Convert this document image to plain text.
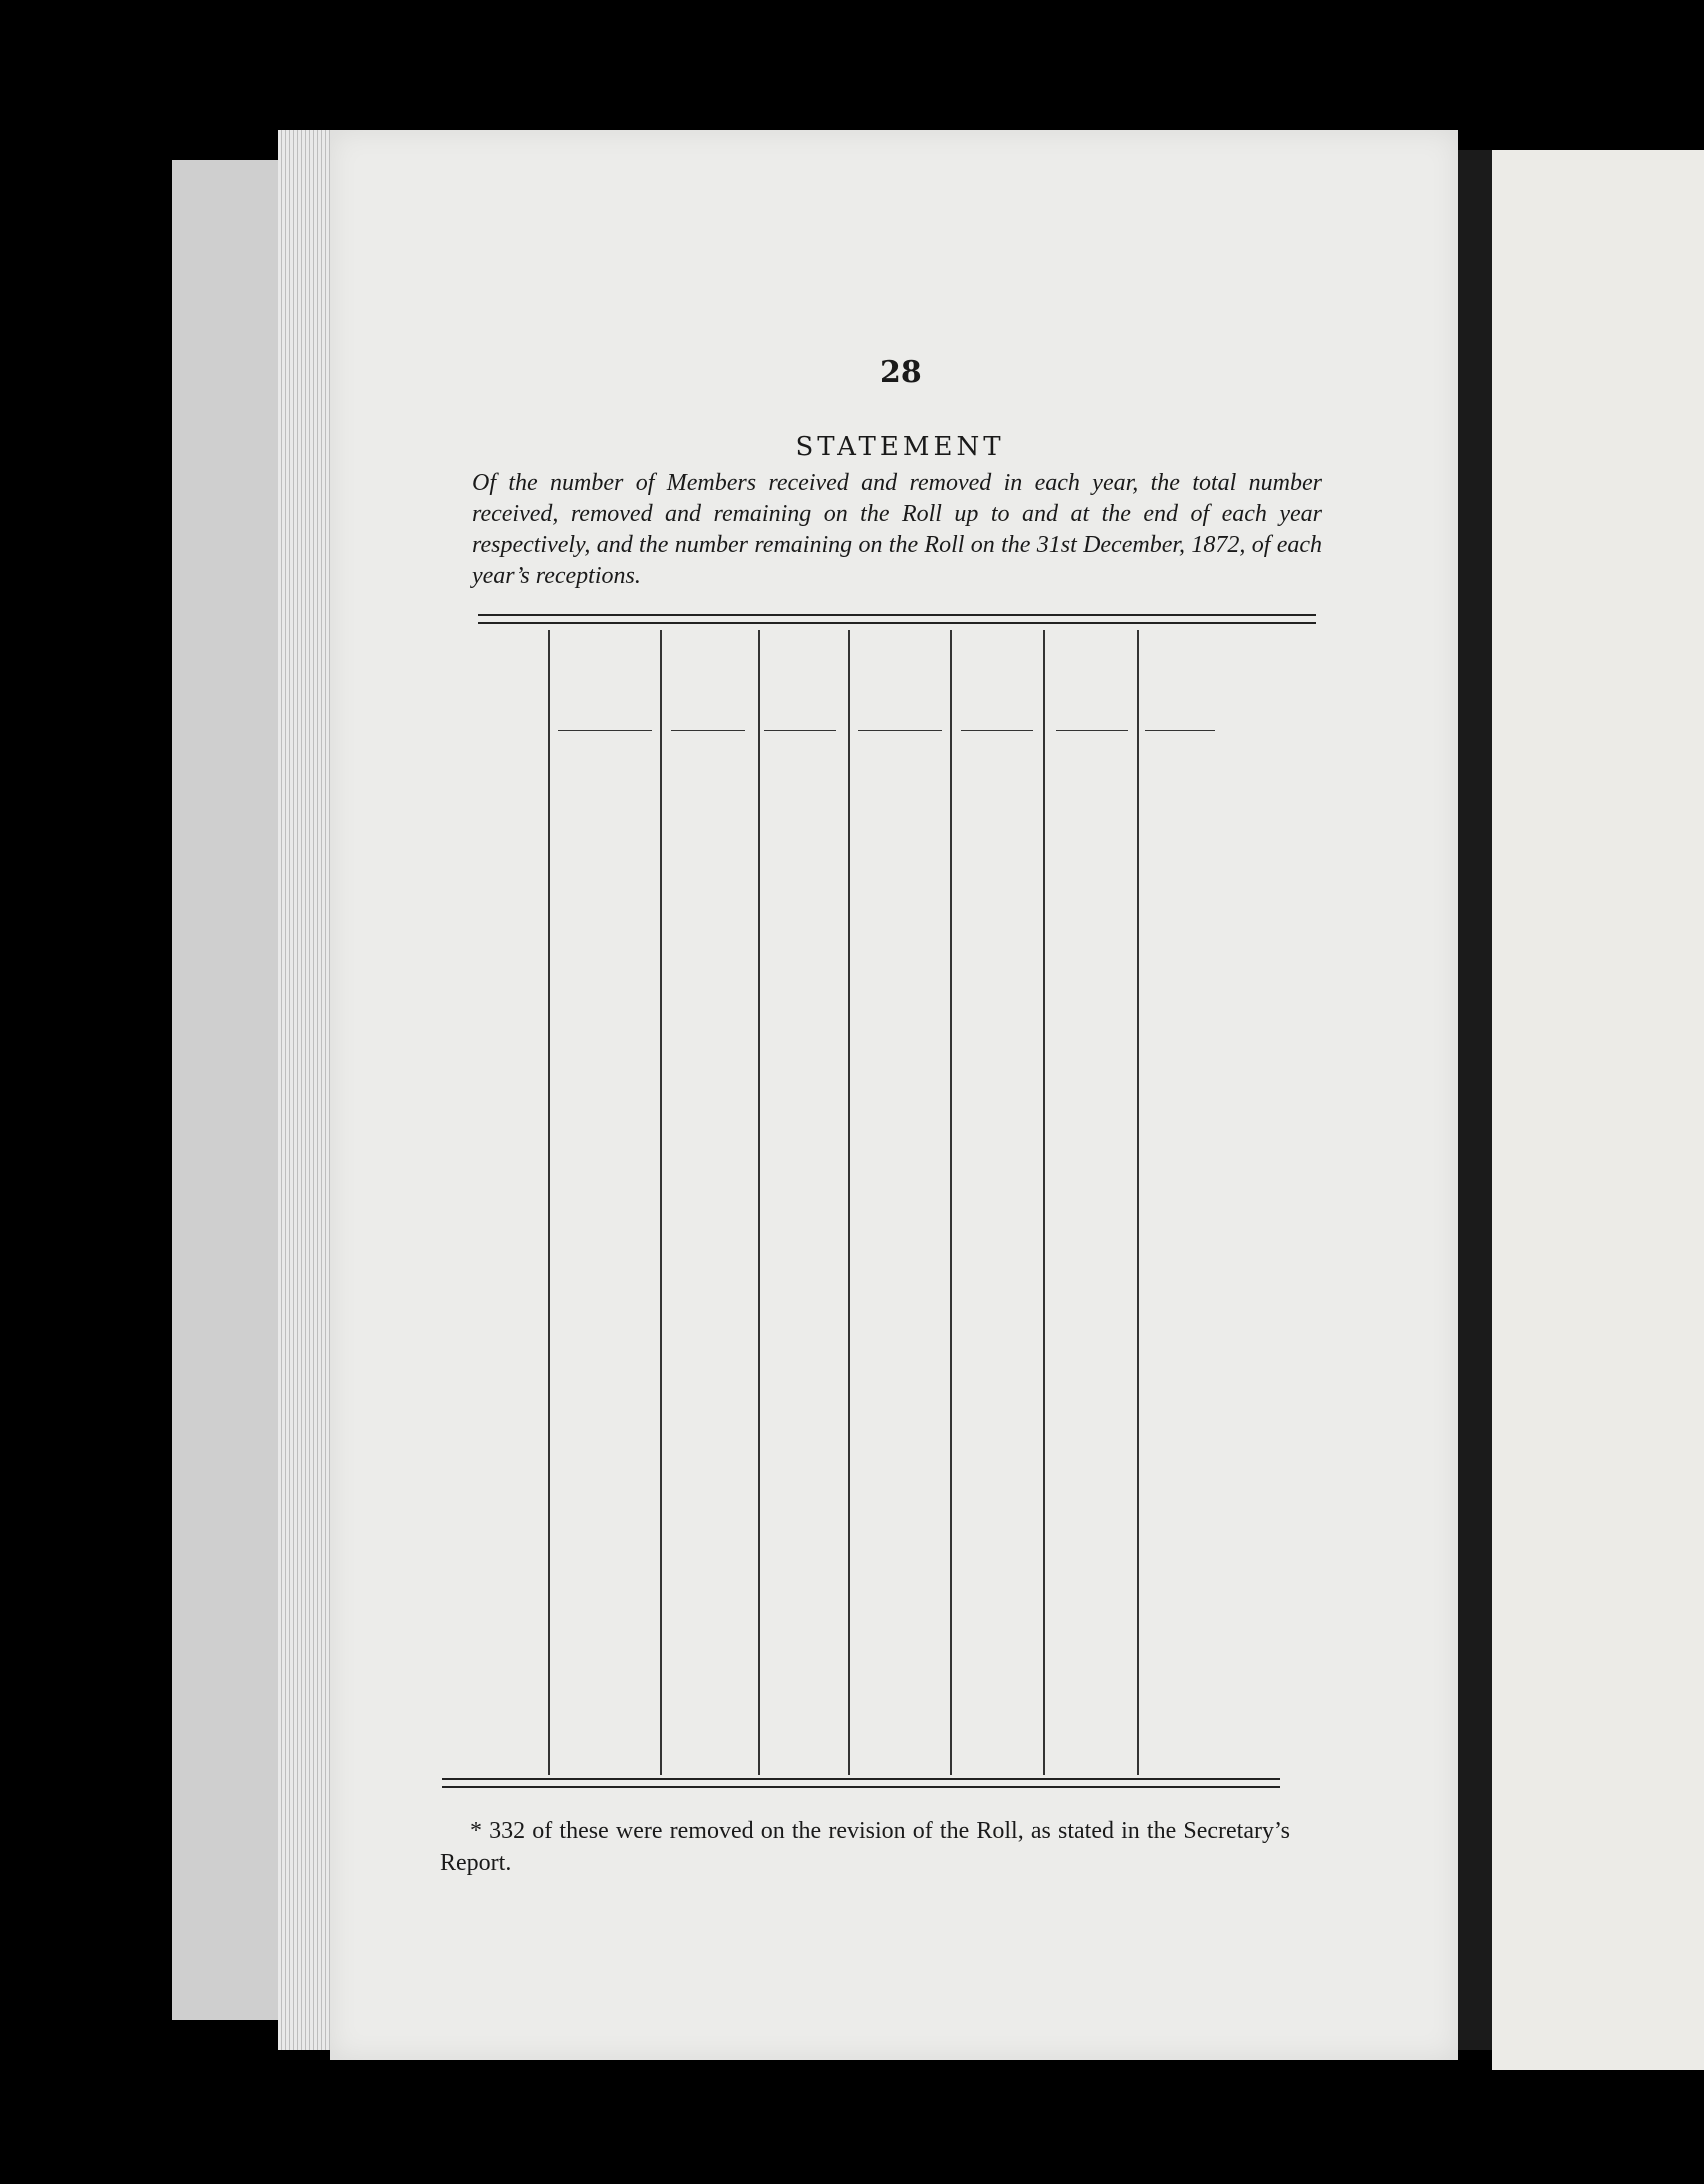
28
STATEMENT
Of the number of Members received and removed in each year, the total number received, removed and remaining on the Roll up to and at the end of each year respectively, and the number remaining on the Roll on the 31st December, 1872, of each year’s receptions.
* 332 of these were removed on the revision of the Roll, as stated in the Secretary’s Report.
